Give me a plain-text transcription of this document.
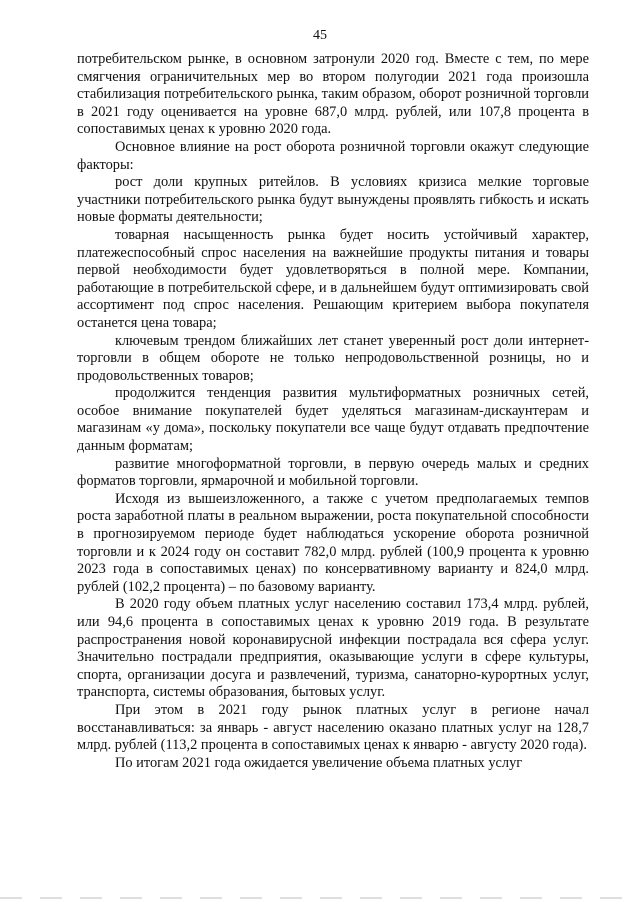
45

потребительском рынке, в основном затронули 2020 год. Вместе с тем, по мере смягчения ограничительных мер во втором полугодии 2021 года произошла стабилизация потребительского рынка, таким образом, оборот розничной торговли в 2021 году оценивается на уровне 687,0 млрд. рублей, или 107,8 процента в сопоставимых ценах к уровню 2020 года.

Основное влияние на рост оборота розничной торговли окажут следующие факторы:

рост доли крупных ритейлов. В условиях кризиса мелкие торговые участники потребительского рынка будут вынуждены проявлять гибкость и искать новые форматы деятельности;

товарная насыщенность рынка будет носить устойчивый характер, платежеспособный спрос населения на важнейшие продукты питания и товары первой необходимости будет удовлетворяться в полной мере. Компании, работающие в потребительской сфере, и в дальнейшем будут оптимизировать свой ассортимент под спрос населения. Решающим критерием выбора покупателя останется цена товара;

ключевым трендом ближайших лет станет уверенный рост доли интернет-торговли в общем обороте не только непродовольственной розницы, но и продовольственных товаров;

продолжится тенденция развития мультиформатных розничных сетей, особое внимание покупателей будет уделяться магазинам-дискаунтерам и магазинам «у дома», поскольку покупатели все чаще будут отдавать предпочтение данным форматам;

развитие многоформатной торговли, в первую очередь малых и средних форматов торговли, ярмарочной и мобильной торговли.

Исходя из вышеизложенного, а также с учетом предполагаемых темпов роста заработной платы в реальном выражении, роста покупательной способности в прогнозируемом периоде будет наблюдаться ускорение оборота розничной торговли и к 2024 году он составит 782,0 млрд. рублей (100,9 процента к уровню 2023 года в сопоставимых ценах) по консервативному варианту и 824,0 млрд. рублей (102,2 процента) – по базовому варианту.

В 2020 году объем платных услуг населению составил 173,4 млрд. рублей, или 94,6 процента в сопоставимых ценах к уровню 2019 года. В результате распространения новой коронавирусной инфекции пострадала вся сфера услуг. Значительно пострадали предприятия, оказывающие услуги в сфере культуры, спорта, организации досуга и развлечений, туризма, санаторно-курортных услуг, транспорта, системы образования, бытовых услуг.

При этом в 2021 году рынок платных услуг в регионе начал восстанавливаться: за январь - август населению оказано платных услуг на 128,7 млрд. рублей (113,2 процента в сопоставимых ценах к январю - августу 2020 года).

По итогам 2021 года ожидается увеличение объема платных услуг
